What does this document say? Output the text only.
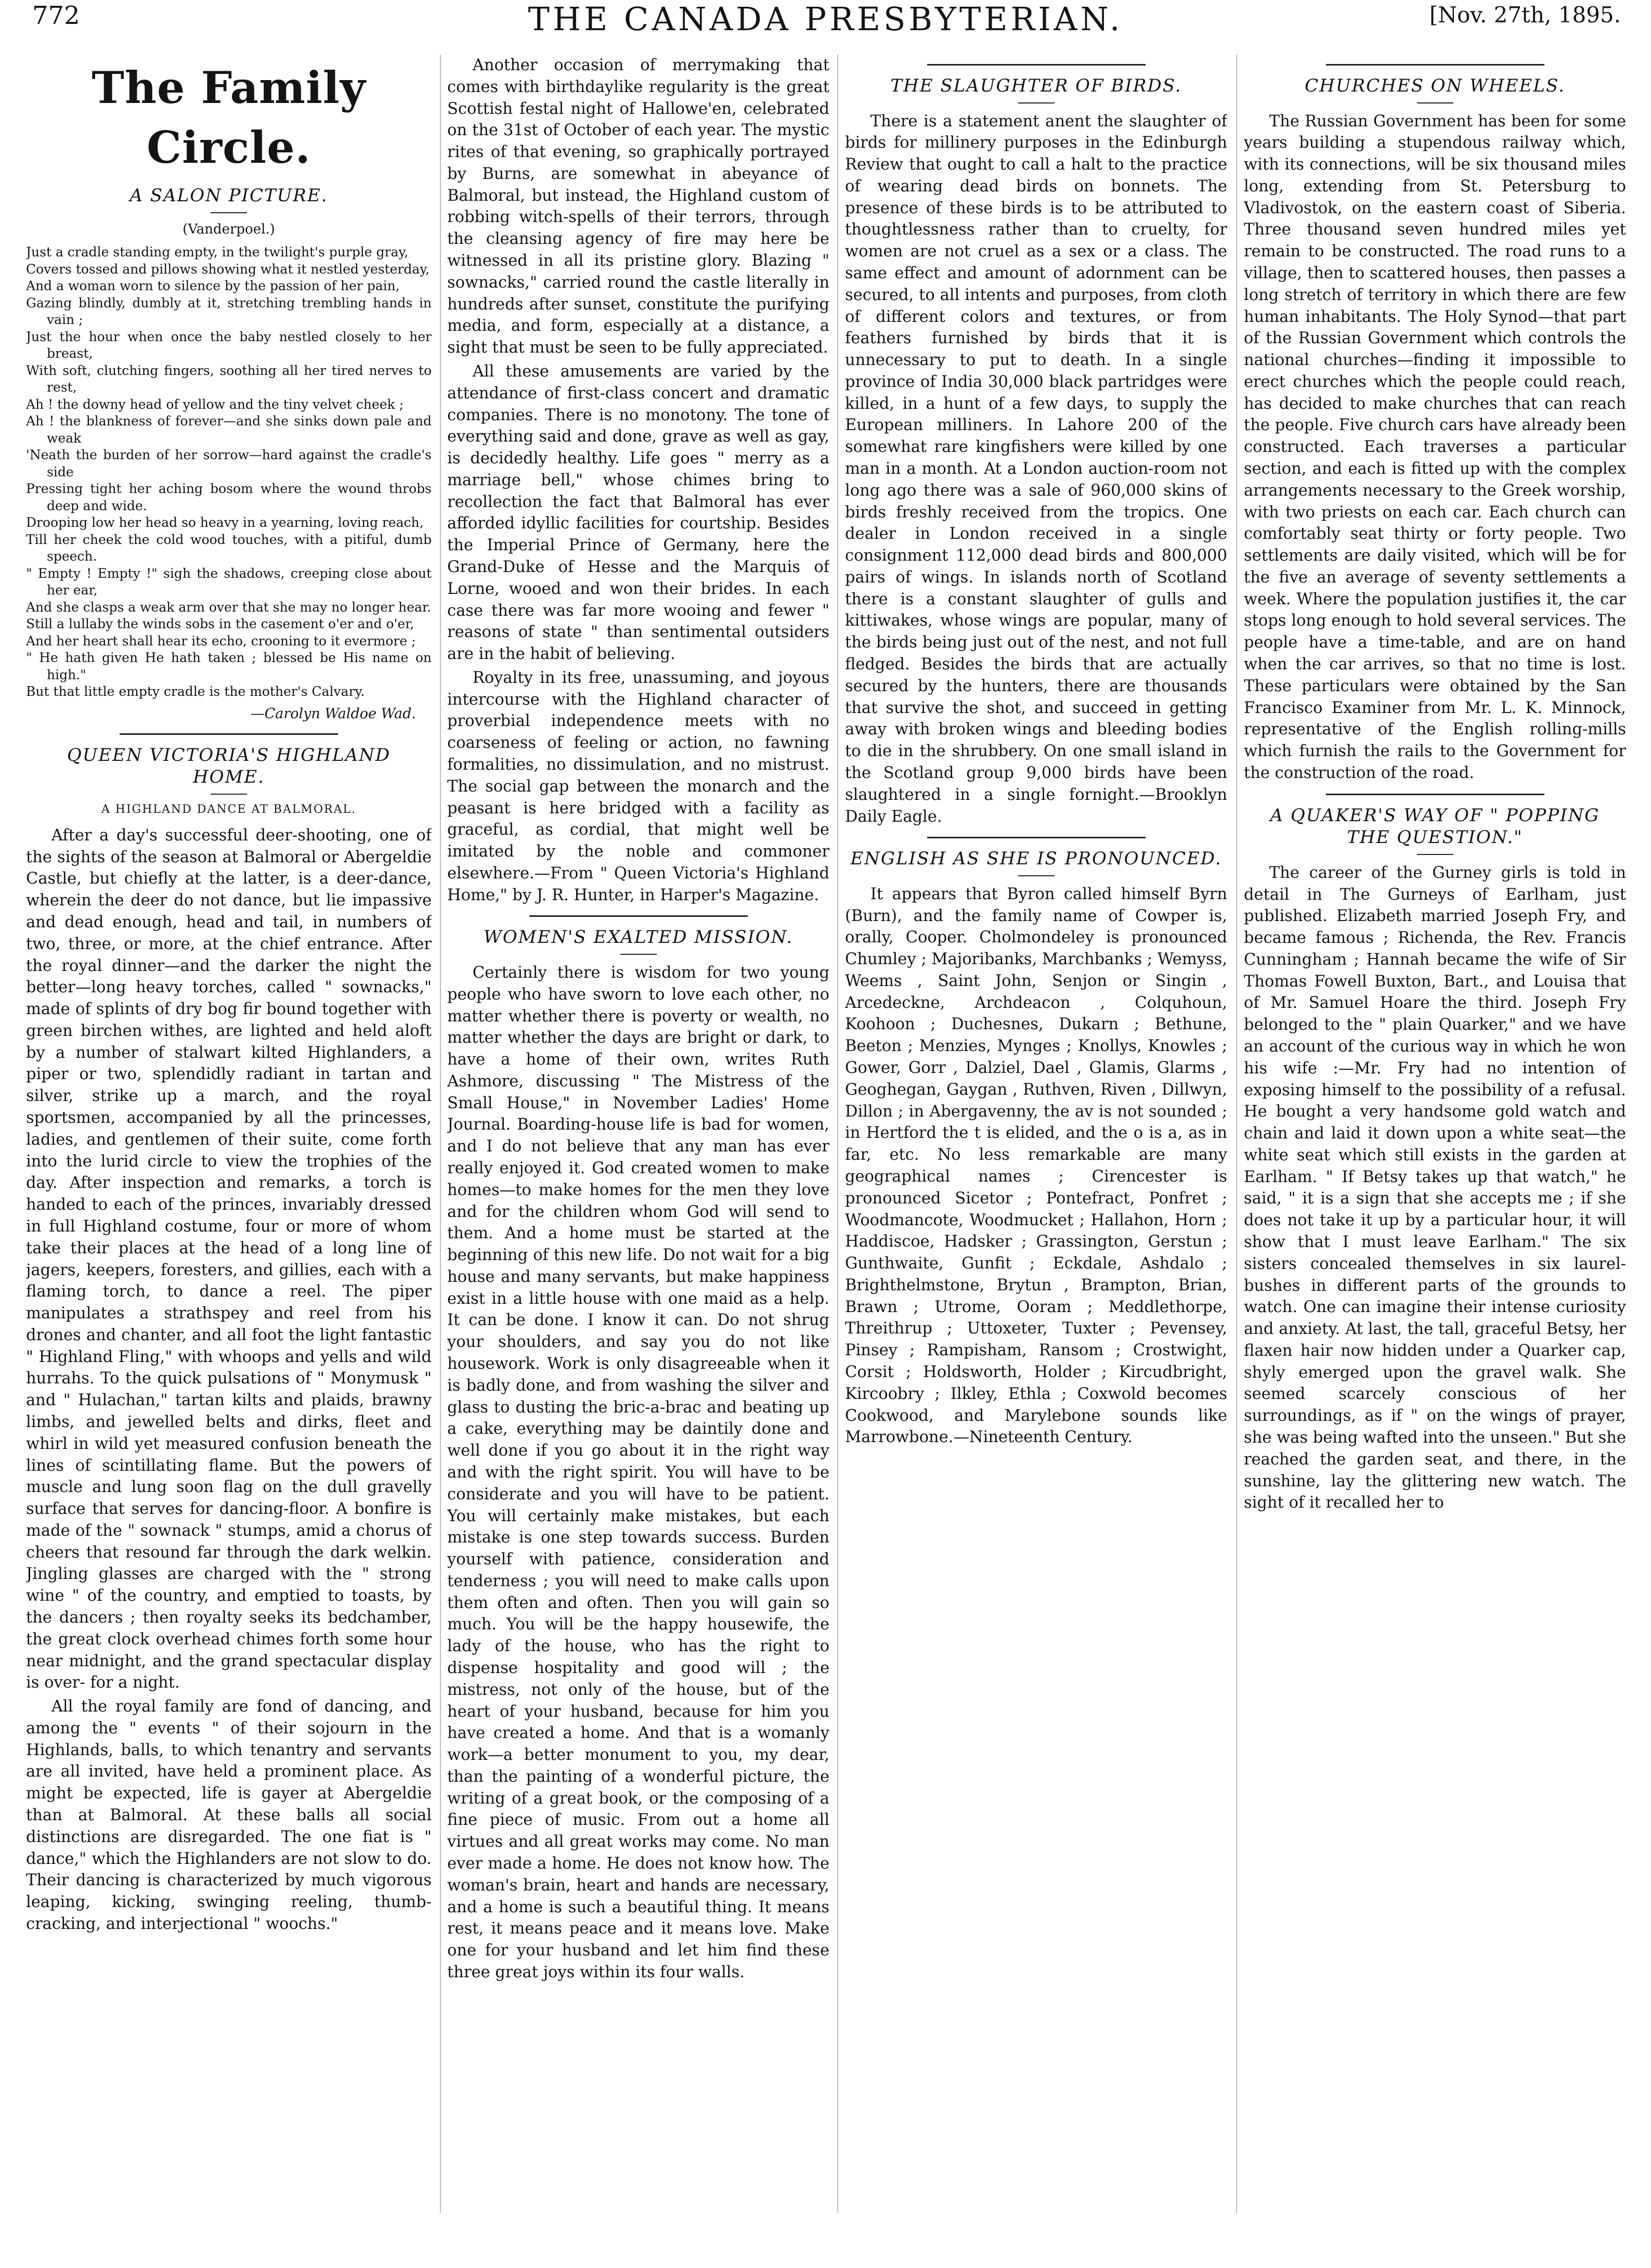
772	THE CANADA PRESBYTERIAN.	[Nov. 27th, 1895.
The Family Circle.
A SALON PICTURE.
(Vanderpoel.)

Just a cradle standing empty, in the twilight's purple gray,

Covers tossed and pillows showing what it nestled yesterday,

And a woman worn to silence by the passion of her pain,

Gazing blindly, dumbly at it, stretching trembling hands in vain ;

Just the hour when once the baby nestled closely to her breast,

With soft, clutching fingers, soothing all her tired nerves to rest,

Ah ! the downy head of yellow and the tiny velvet cheek ;

Ah ! the blankness of forever—and she sinks down pale and weak

'Neath the burden of her sorrow—hard against the cradle's side

Pressing tight her aching bosom where the wound throbs deep and wide.

Drooping low her head so heavy in a yearning, loving reach,

Till her cheek the cold wood touches, with a pitiful, dumb speech.

" Empty ! Empty !" sigh the shadows, creeping close about her ear,

And she clasps a weak arm over that she may no longer hear.

Still a lullaby the winds sobs in the casement o'er and o'er,

And her heart shall hear its echo, crooning to it evermore ;

" He hath given He hath taken ; blessed be His name on high."

But that little empty cradle is the mother's Calvary.

—Carolyn Waldoe Wad.
QUEEN VICTORIA'S HIGHLAND HOME.
A HIGHLAND DANCE AT BALMORAL.

After a day's successful deer-shooting, one of the sights of the season at Balmoral or Abergeldie Castle, but chiefly at the latter, is a deer-dance, wherein the deer do not dance, but lie impassive and dead enough, head and tail, in numbers of two, three, or more, at the chief entrance. After the royal dinner—and the darker the night the better—long heavy torches, called " sownacks," made of splints of dry bog fir bound together with green birchen withes, are lighted and held aloft by a number of stalwart kilted Highlanders, a piper or two, splendidly radiant in tartan and silver, strike up a march, and the royal sportsmen, accompanied by all the princesses, ladies, and gentlemen of their suite, come forth into the lurid circle to view the trophies of the day. After inspection and remarks, a torch is handed to each of the princes, invariably dressed in full Highland costume, four or more of whom take their places at the head of a long line of jagers, keepers, foresters, and gillies, each with a flaming torch, to dance a reel. The piper manipulates a strathspey and reel from his drones and chanter, and all foot the light fantastic " Highland Fling," with whoops and yells and wild hurrahs. To the quick pulsations of " Monymusk " and " Hulachan," tartan kilts and plaids, brawny limbs, and jewelled belts and dirks, fleet and whirl in wild yet measured confusion beneath the lines of scintillating flame. But the powers of muscle and lung soon flag on the dull gravelly surface that serves for dancing-floor. A bonfire is made of the " sownack " stumps, amid a chorus of cheers that resound far through the dark welkin. Jingling glasses are charged with the " strong wine " of the country, and emptied to toasts, by the dancers ; then royalty seeks its bedchamber, the great clock overhead chimes forth some hour near midnight, and the grand spectacular display is over- for a night.

All the royal family are fond of dancing, and among the " events " of their sojourn in the Highlands, balls, to which tenantry and servants are all invited, have held a prominent place. As might be expected, life is gayer at Abergeldie than at Balmoral. At these balls all social distinctions are disregarded. The one fiat is " dance," which the Highlanders are not slow to do. Their dancing is characterized by much vigorous leaping, kicking, swinging reeling, thumb-cracking, and interjectional " woochs."

Another occasion of merrymaking that comes with birthdaylike regularity is the great Scottish festal night of Hallowe'en, celebrated on the 31st of October of each year. The mystic rites of that evening, so graphically portrayed by Burns, are somewhat in abeyance of Balmoral, but instead, the Highland custom of robbing witch-spells of their terrors, through the cleansing agency of fire may here be witnessed in all its pristine glory. Blazing " sownacks," carried round the castle literally in hundreds after sunset, constitute the purifying media, and form, especially at a distance, a sight that must be seen to be fully appreciated.

All these amusements are varied by the attendance of first-class concert and dramatic companies. There is no monotony. The tone of everything said and done, grave as well as gay, is decidedly healthy. Life goes " merry as a marriage bell," whose chimes bring to recollection the fact that Balmoral has ever afforded idyllic facilities for courtship. Besides the Imperial Prince of Germany, here the Grand-Duke of Hesse and the Marquis of Lorne, wooed and won their brides. In each case there was far more wooing and fewer " reasons of state " than sentimental outsiders are in the habit of believing.

Royalty in its free, unassuming, and joyous intercourse with the Highland character of proverbial independence meets with no coarseness of feeling or action, no fawning formalities, no dissimulation, and no mistrust. The social gap between the monarch and the peasant is here bridged with a facility as graceful, as cordial, that might well be imitated by the noble and commoner elsewhere.—From " Queen Victoria's Highland Home," by J. R. Hunter, in Harper's Magazine.

WOMEN'S EXALTED MISSION.

Certainly there is wisdom for two young people who have sworn to love each other, no matter whether there is poverty or wealth, no matter whether the days are bright or dark, to have a home of their own, writes Ruth Ashmore, discussing " The Mistress of the Small House," in November Ladies' Home Journal. Boarding-house life is bad for women, and I do not believe that any man has ever really enjoyed it. God created women to make homes—to make homes for the men they love and for the children whom God will send to them. And a home must be started at the beginning of this new life. Do not wait for a big house and many servants, but make happiness exist in a little house with one maid as a help. It can be done. I know it can. Do not shrug your shoulders, and say you do not like housework. Work is only disagreeable when it is badly done, and from washing the silver and glass to dusting the bric-a-brac and beating up a cake, everything may be daintily done and well done if you go about it in the right way and with the right spirit. You will have to be considerate and you will have to be patient. You will certainly make mistakes, but each mistake is one step towards success. Burden yourself with patience, consideration and tenderness ; you will need to make calls upon them often and often. Then you will gain so much. You will be the happy housewife, the lady of the house, who has the right to dispense hospitality and good will ; the mistress, not only of the house, but of the heart of your husband, because for him you have created a home. And that is a womanly work—a better monument to you, my dear, than the painting of a wonderful picture, the writing of a great book, or the composing of a fine piece of music. From out a home all virtues and all great works may come. No man ever made a home. He does not know how. The woman's brain, heart and hands are necessary, and a home is such a beautiful thing. It means rest, it means peace and it means love. Make one for your husband and let him find these three great joys within its four walls.

THE SLAUGHTER OF BIRDS.

There is a statement anent the slaughter of birds for millinery purposes in the Edinburgh Review that ought to call a halt to the practice of wearing dead birds on bonnets. The presence of these birds is to be attributed to thoughtlessness rather than to cruelty, for women are not cruel as a sex or a class. The same effect and amount of adornment can be secured, to all intents and purposes, from cloth of different colors and textures, or from feathers furnished by birds that it is unnecessary to put to death. In a single province of India 30,000 black partridges were killed, in a hunt of a few days, to supply the European milliners. In Lahore 200 of the somewhat rare kingfishers were killed by one man in a month. At a London auction-room not long ago there was a sale of 960,000 skins of birds freshly received from the tropics. One dealer in London received in a single consignment 112,000 dead birds and 800,000 pairs of wings. In islands north of Scotland there is a constant slaughter of gulls and kittiwakes, whose wings are popular, many of the birds being just out of the nest, and not full fledged. Besides the birds that are actually secured by the hunters, there are thousands that survive the shot, and succeed in getting away with broken wings and bleeding bodies to die in the shrubbery. On one small island in the Scotland group 9,000 birds have been slaughtered in a single fornight.—Brooklyn Daily Eagle.

ENGLISH AS SHE IS PRONOUNCED.

It appears that Byron called himself Byrn (Burn), and the family name of Cowper is, orally, Cooper. Cholmondeley is pronounced Chumley ; Majoribanks, Marchbanks ; Wemyss, Weems , Saint John, Senjon or Singin , Arcedeckne, Archdeacon , Colquhoun, Koohoon ; Duchesnes, Dukarn ; Bethune, Beeton ; Menzies, Mynges ; Knollys, Knowles ; Gower, Gorr , Dalziel, Dael , Glamis, Glarms , Geoghegan, Gaygan , Ruthven, Riven , Dillwyn, Dillon ; in Abergavenny, the av is not sounded ; in Hertford the t is elided, and the o is a, as in far, etc. No less remarkable are many geographical names ; Cirencester is pronounced Sicetor ; Pontefract, Ponfret ; Woodmancote, Woodmucket ; Hallahon, Horn ; Haddiscoe, Hadsker ; Grassington, Gerstun ; Gunthwaite, Gunfit ; Eckdale, Ashdalo ; Brighthelmstone, Brytun , Brampton, Brian, Brawn ; Utrome, Ooram ; Meddlethorpe, Threithrup ; Uttoxeter, Tuxter ; Pevensey, Pinsey ; Rampisham, Ransom ; Crostwight, Corsit ; Holdsworth, Holder ; Kircudbright, Kircoobry ; Ilkley, Ethla ; Coxwold becomes Cookwood, and Marylebone sounds like Marrowbone.—Nineteenth Century.

CHURCHES ON WHEELS.

The Russian Government has been for some years building a stupendous railway which, with its connections, will be six thousand miles long, extending from St. Petersburg to Vladivostok, on the eastern coast of Siberia. Three thousand seven hundred miles yet remain to be constructed. The road runs to a village, then to scattered houses, then passes a long stretch of territory in which there are few human inhabitants. The Holy Synod—that part of the Russian Government which controls the national churches—finding it impossible to erect churches which the people could reach, has decided to make churches that can reach the people. Five church cars have already been constructed. Each traverses a particular section, and each is fitted up with the complex arrangements necessary to the Greek worship, with two priests on each car. Each church can comfortably seat thirty or forty people. Two settlements are daily visited, which will be for the five an average of seventy settlements a week. Where the population justifies it, the car stops long enough to hold several services. The people have a time-table, and are on hand when the car arrives, so that no time is lost. These particulars were obtained by the San Francisco Examiner from Mr. L. K. Minnock, representative of the English rolling-mills which furnish the rails to the Government for the construction of the road.

A QUAKER'S WAY OF " POPPING THE QUESTION."

The career of the Gurney girls is told in detail in The Gurneys of Earlham, just published. Elizabeth married Joseph Fry, and became famous ; Richenda, the Rev. Francis Cunningham ; Hannah became the wife of Sir Thomas Fowell Buxton, Bart., and Louisa that of Mr. Samuel Hoare the third. Joseph Fry belonged to the " plain Quarker," and we have an account of the curious way in which he won his wife :—Mr. Fry had no intention of exposing himself to the possibility of a refusal. He bought a very handsome gold watch and chain and laid it down upon a white seat—the white seat which still exists in the garden at Earlham. " If Betsy takes up that watch," he said, " it is a sign that she accepts me ; if she does not take it up by a particular hour, it will show that I must leave Earlham." The six sisters concealed themselves in six laurel-bushes in different parts of the grounds to watch. One can imagine their intense curiosity and anxiety. At last, the tall, graceful Betsy, her flaxen hair now hidden under a Quarker cap, shyly emerged upon the gravel walk. She seemed scarcely conscious of her surroundings, as if " on the wings of prayer, she was being wafted into the unseen." But she reached the garden seat, and there, in the sunshine, lay the glittering new watch. The sight of it recalled her to
